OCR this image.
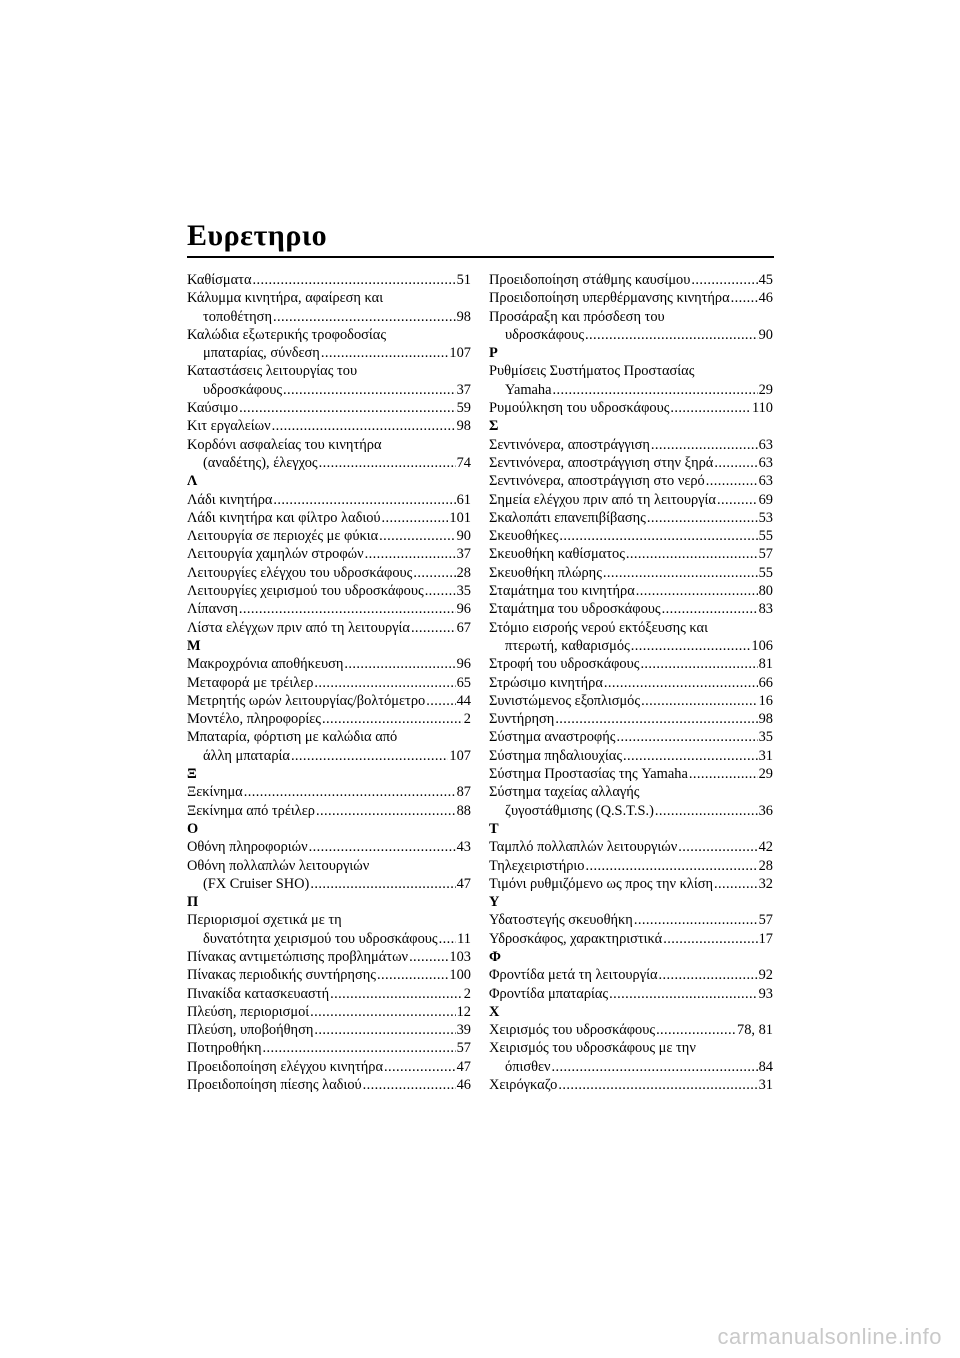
Ευρετηριο
Καθίσματα .....	51
Κάλυμμα κινητήρα, αφαίρεση και
τοποθέτηση .....	98
Καλώδια εξωτερικής τροφοδοσίας
μπαταρίας, σύνδεση .....	107
Καταστάσεις λειτουργίας του
υδροσκάφους .....	37
Καύσιμο .....	59
Κιτ εργαλείων .....	98
Κορδόνι ασφαλείας του κινητήρα
(αναδέτης), έλεγχος .....	74
Λ
Λάδι κινητήρα .....	61
Λάδι κινητήρα και φίλτρο λαδιού .....	101
Λειτουργία σε περιοχές με φύκια .....	90
Λειτουργία χαμηλών στροφών .....	37
Λειτουργίες ελέγχου του υδροσκάφους .....	28
Λειτουργίες χειρισμού του υδροσκάφους ..... 35
Λίπανση .....	96
Λίστα ελέγχων πριν από τη λειτουργία .....	67
Μ
Μακροχρόνια αποθήκευση .....	96
Μεταφορά με τρέιλερ .....	65
Μετρητής ωρών λειτουργίας/βολτόμετρο ..... 44
Μοντέλο, πληροφορίες .....	2
Μπαταρία, φόρτιση με καλώδια από
άλλη μπαταρία .....	107
Ξ
Ξεκίνημα .....	87
Ξεκίνημα από τρέιλερ .....	88
Ο
Οθόνη πληροφοριών .....	43
Οθόνη πολλαπλών λειτουργιών
(FX Cruiser SHO) .....	47
Π
Περιορισμοί σχετικά με τη
δυνατότητα χειρισμού του υδροσκάφους ..... 11
Πίνακας αντιμετώπισης προβλημάτων .....	103
Πίνακας περιοδικής συντήρησης .....	100
Πινακίδα κατασκευαστή .....	2
Πλεύση, περιορισμοί .....	12
Πλεύση, υποβοήθηση .....	39
Ποτηροθήκη .....	57
Προειδοποίηση ελέγχου κινητήρα .....	47
Προειδοποίηση πίεσης λαδιού .....	46
Προειδοποίηση στάθμης καυσίμου .....	45
Προειδοποίηση υπερθέρμανσης κινητήρα ..... 46
Προσάραξη και πρόσδεση του
υδροσκάφους .....	90
Ρ
Ρυθμίσεις Συστήματος Προστασίας
Yamaha .....	29
Ρυμούλκηση του υδροσκάφους .....	110
Σ
Σεντινόνερα, αποστράγγιση .....	63
Σεντινόνερα, αποστράγγιση στην ξηρά .....	63
Σεντινόνερα, αποστράγγιση στο νερό .....	63
Σημεία ελέγχου πριν από τη λειτουργία .....	69
Σκαλοπάτι επανεπιβίβασης .....	53
Σκευοθήκες .....	55
Σκευοθήκη καθίσματος .....	57
Σκευοθήκη πλώρης .....	55
Σταμάτημα του κινητήρα .....	80
Σταμάτημα του υδροσκάφους .....	83
Στόμιο εισροής νερού εκτόξευσης και
πτερωτή, καθαρισμός .....	106
Στροφή του υδροσκάφους .....	81
Στρώσιμο κινητήρα .....	66
Συνιστώμενος εξοπλισμός .....	16
Συντήρηση .....	98
Σύστημα αναστροφής .....	35
Σύστημα πηδαλιουχίας .....	31
Σύστημα Προστασίας της Yamaha .....	29
Σύστημα ταχείας αλλαγής
ζυγοστάθμισης (Q.S.T.S.) .....	36
Τ
Ταμπλό πολλαπλών λειτουργιών .....	42
Τηλεχειριστήριο .....	28
Τιμόνι ρυθμιζόμενο ως προς την κλίση .....	32
Υ
Υδατοστεγής σκευοθήκη .....	57
Υδροσκάφος, χαρακτηριστικά .....	17
Φ
Φροντίδα μετά τη λειτουργία .....	92
Φροντίδα μπαταρίας .....	93
Χ
Χειρισμός του υδροσκάφους .....	78, 81
Χειρισμός του υδροσκάφους με την
όπισθεν .....	84
Χειρόγκαζο .....	31
carmanualsonline.info
